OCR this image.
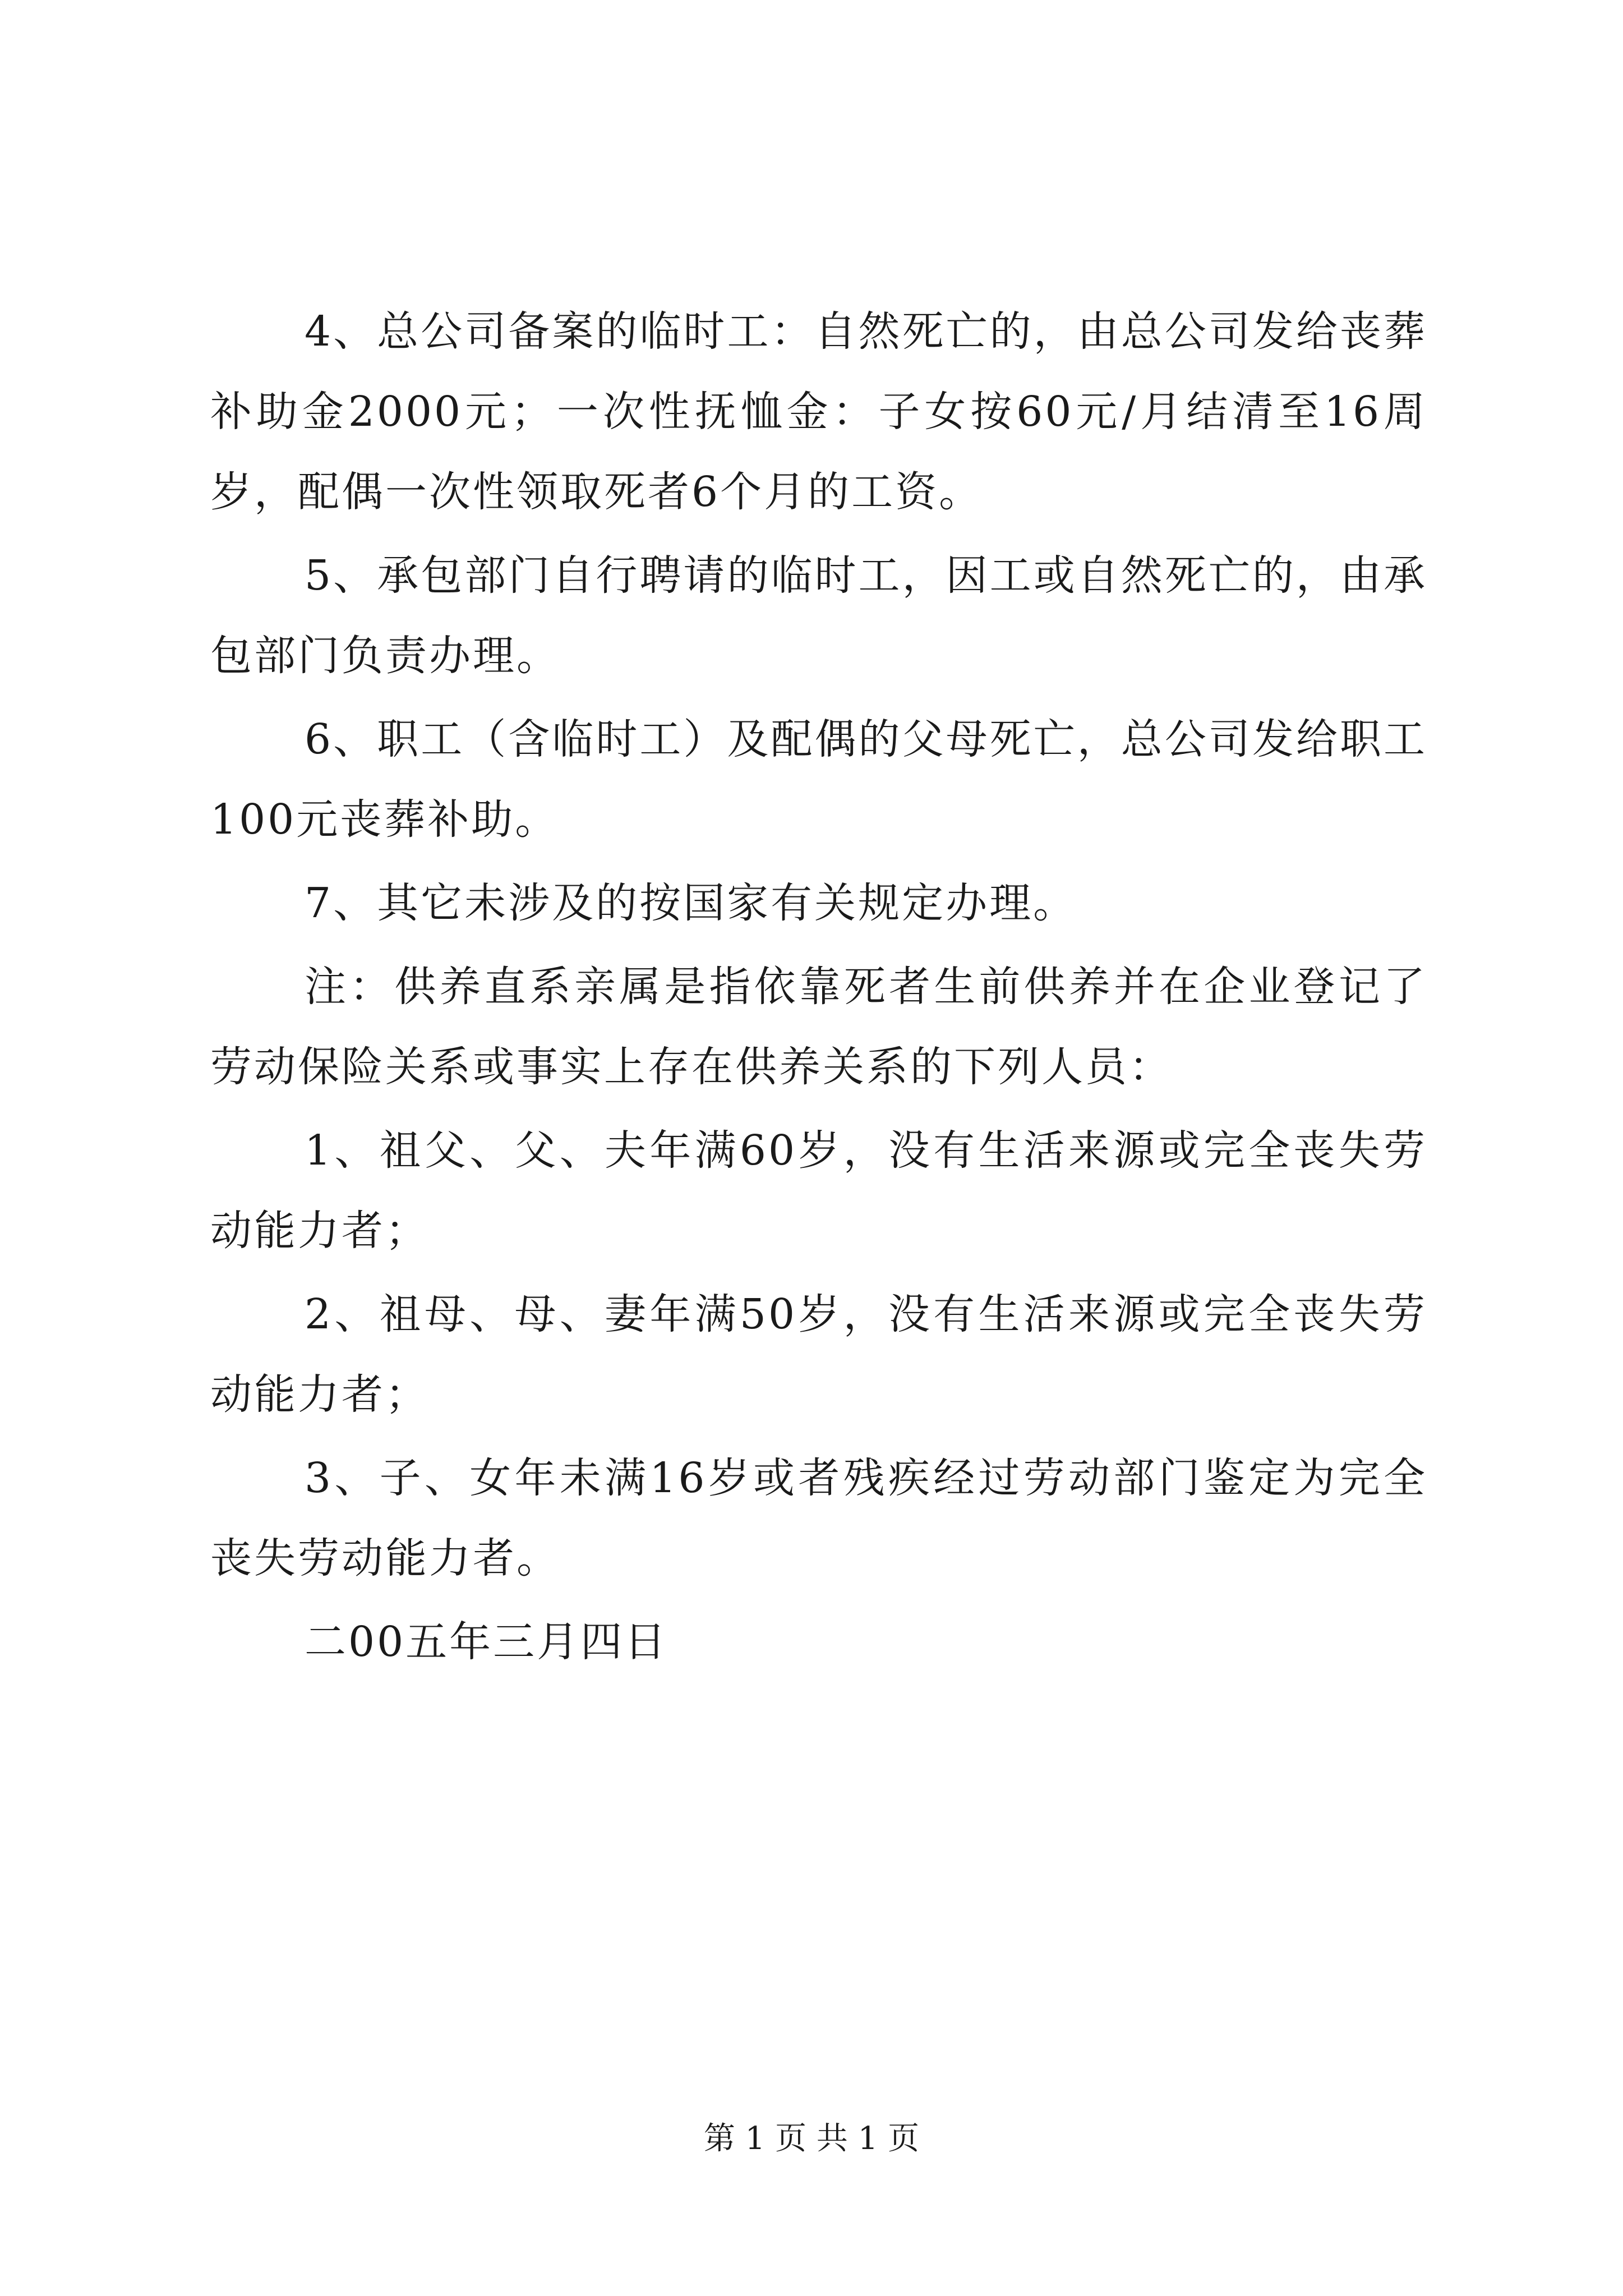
4、总公司备案的临时工：自然死亡的，由总公司发给丧葬补助金2000元；一次性抚恤金：子女按60元/月结清至16周岁，配偶一次性领取死者6个月的工资。

5、承包部门自行聘请的临时工，因工或自然死亡的，由承包部门负责办理。

6、职工（含临时工）及配偶的父母死亡，总公司发给职工100元丧葬补助。

7、其它未涉及的按国家有关规定办理。

注：供养直系亲属是指依靠死者生前供养并在企业登记了劳动保险关系或事实上存在供养关系的下列人员：

1、祖父、父、夫年满60岁，没有生活来源或完全丧失劳动能力者；

2、祖母、母、妻年满50岁，没有生活来源或完全丧失劳动能力者；

3、子、女年未满16岁或者残疾经过劳动部门鉴定为完全丧失劳动能力者。

二00五年三月四日

第 1 页 共 1 页
